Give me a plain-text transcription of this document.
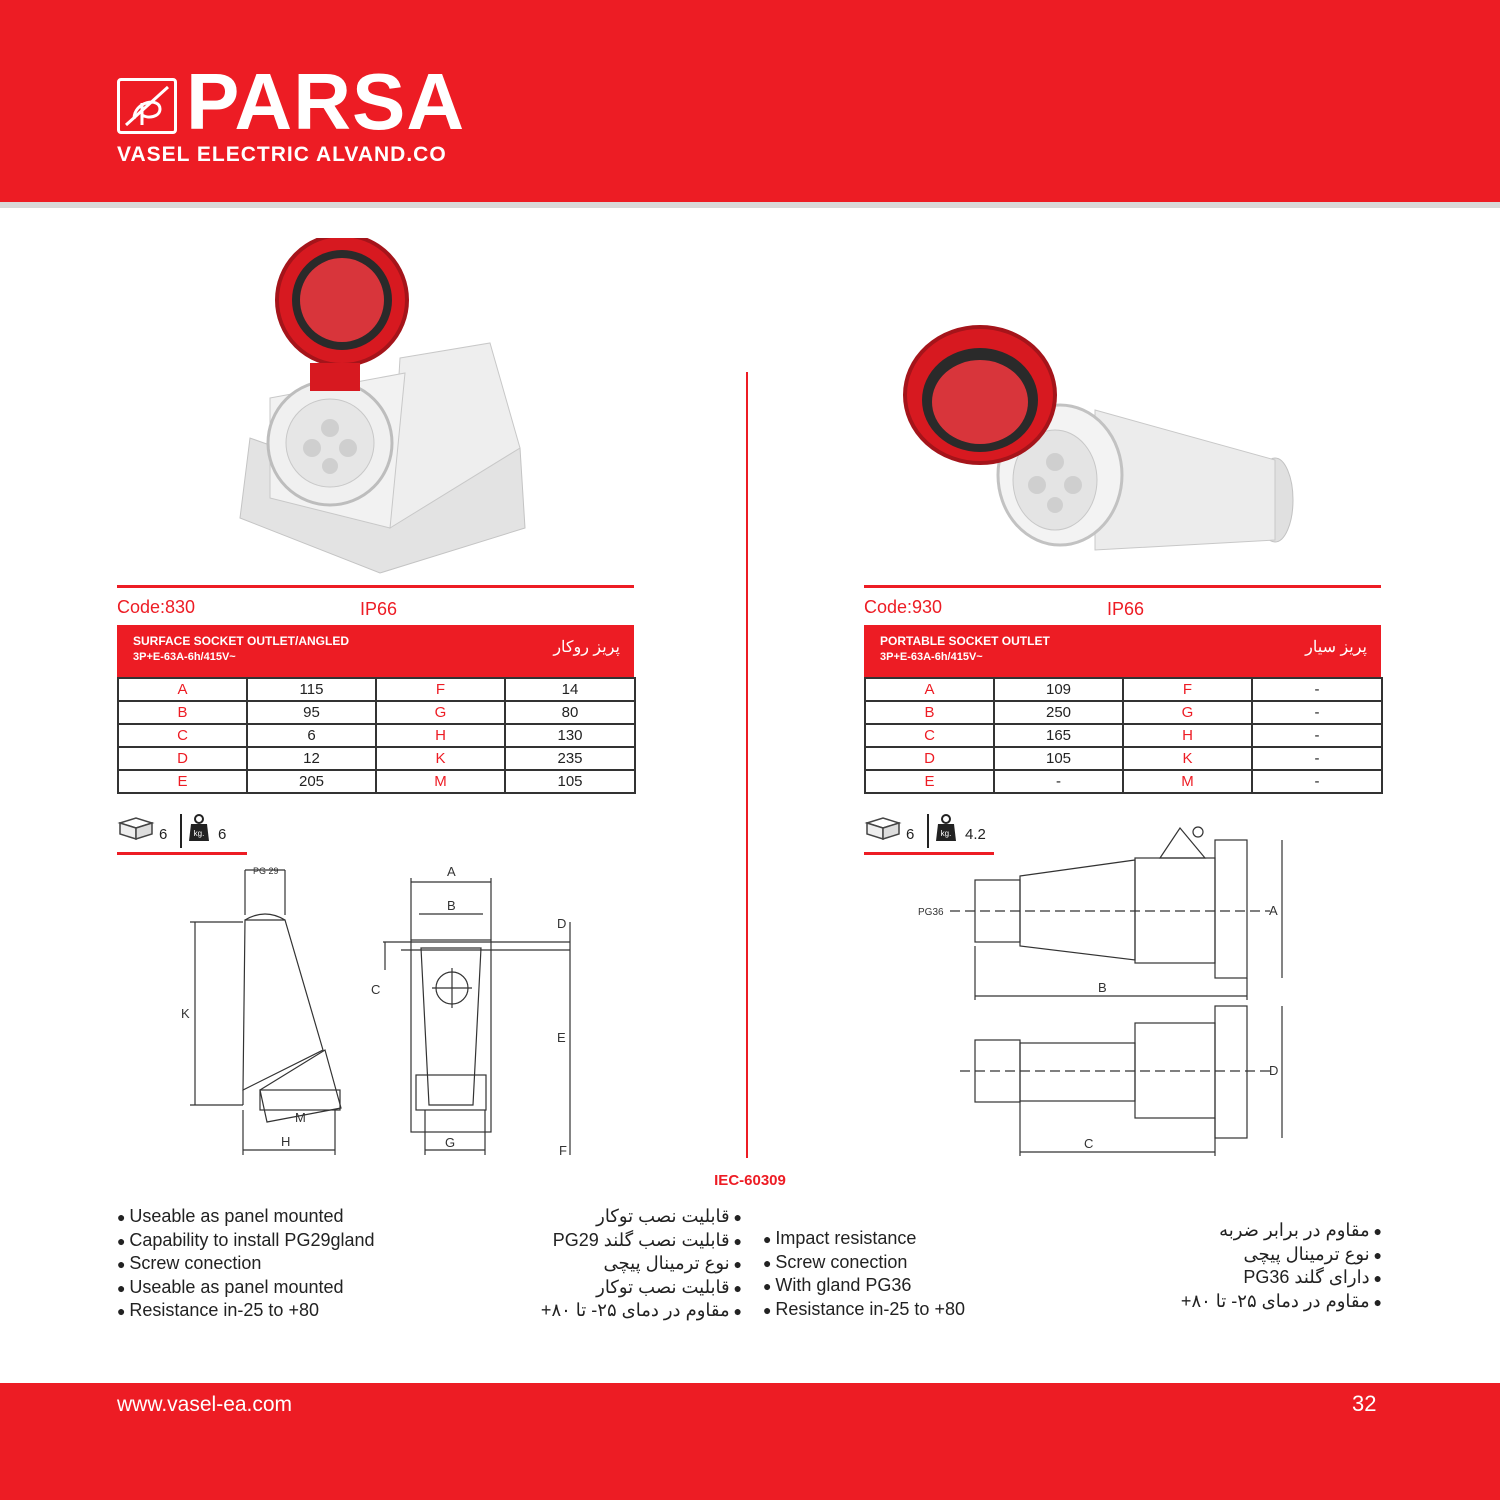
PARSA
VASEL ELECTRIC ALVAND.CO
Code:830	IP66
SURFACE SOCKET OUTLET/ANGLED
3P+E-63A-6h/415V~
پریز روکار
A	115	F	14
B	95	G	80
C	6	H	130
D	12	K	235
E	205	M	105
6	kg. 6
PG 29
K
H
M
A
B
C
D
E
F
G
Code:930	IP66
PORTABLE SOCKET OUTLET
3P+E-63A-6h/415V~
پریز سیار
A	109	F	-
B	250	G	-
C	165	H	-
D	105	K	-
E	-	M	-
6	kg. 4.2
PG36	A
B
D
C
IEC-60309
● Useable as panel mounted
● Capability to install PG29gland
● Screw conection
● Useable as panel mounted
● Resistance in-25 to +80
● قابلیت نصب توکار
● قابلیت نصب گلند PG29
● نوع ترمینال پیچی
● قابلیت نصب توکار
● مقاوم در دمای ۲۵- تا ۸۰+
● Impact resistance
● Screw conection
● With gland PG36
● Resistance in-25 to +80
● مقاوم در برابر ضربه
● نوع ترمینال پیچی
● دارای گلند PG36
● مقاوم در دمای ۲۵- تا ۸۰+
www.vasel-ea.com	32
